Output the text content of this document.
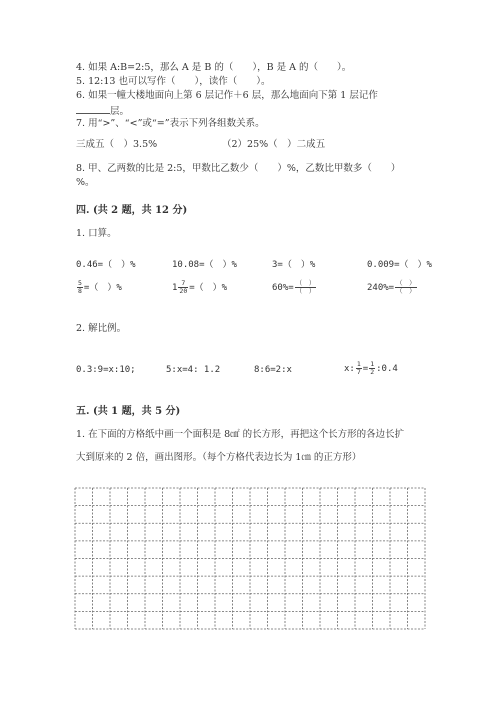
4. 如果 A:B=2:5，那么 A 是 B 的（　　），B 是 A 的（　　）。
5. 12:13 也可以写作（　　），读作（　　）。
6. 如果一幢大楼地面向上第 6 层记作＋6 层，那么地面向下第 1 层记作
层。
7. 用“>”、“<”或“=”表示下列各组数关系。
三成五（　）3.5%	（2）25%（　）二成五
8. 甲、乙两数的比是 2:5，甲数比乙数少（　　）%，乙数比甲数多（　　）
%。
四. (共 2 题，共 12 分)
1. 口算。
0.46=（　）%	10.08=（　）%	3=（　）%	0.009=（　）%
$\frac{5}{8}$ =（　）%	$1 \frac{7}{20}$ =（　）%	$60\%= \frac{( )}{( )}$	$240\%= \frac{( )}{( )}$
2. 解比例。
0.3:9=x:10;	5:x=4: 1.2	8:6=2:x	x: $\frac{1}{7} = \frac{1}{2}$ :0.4
五. (共 1 题，共 5 分)
1. 在下面的方格纸中画一个面积是 8㎠ 的长方形，再把这个长方形的各边长扩
大到原来的 2 倍，画出图形。（每个方格代表边长为 1㎝ 的正方形）
